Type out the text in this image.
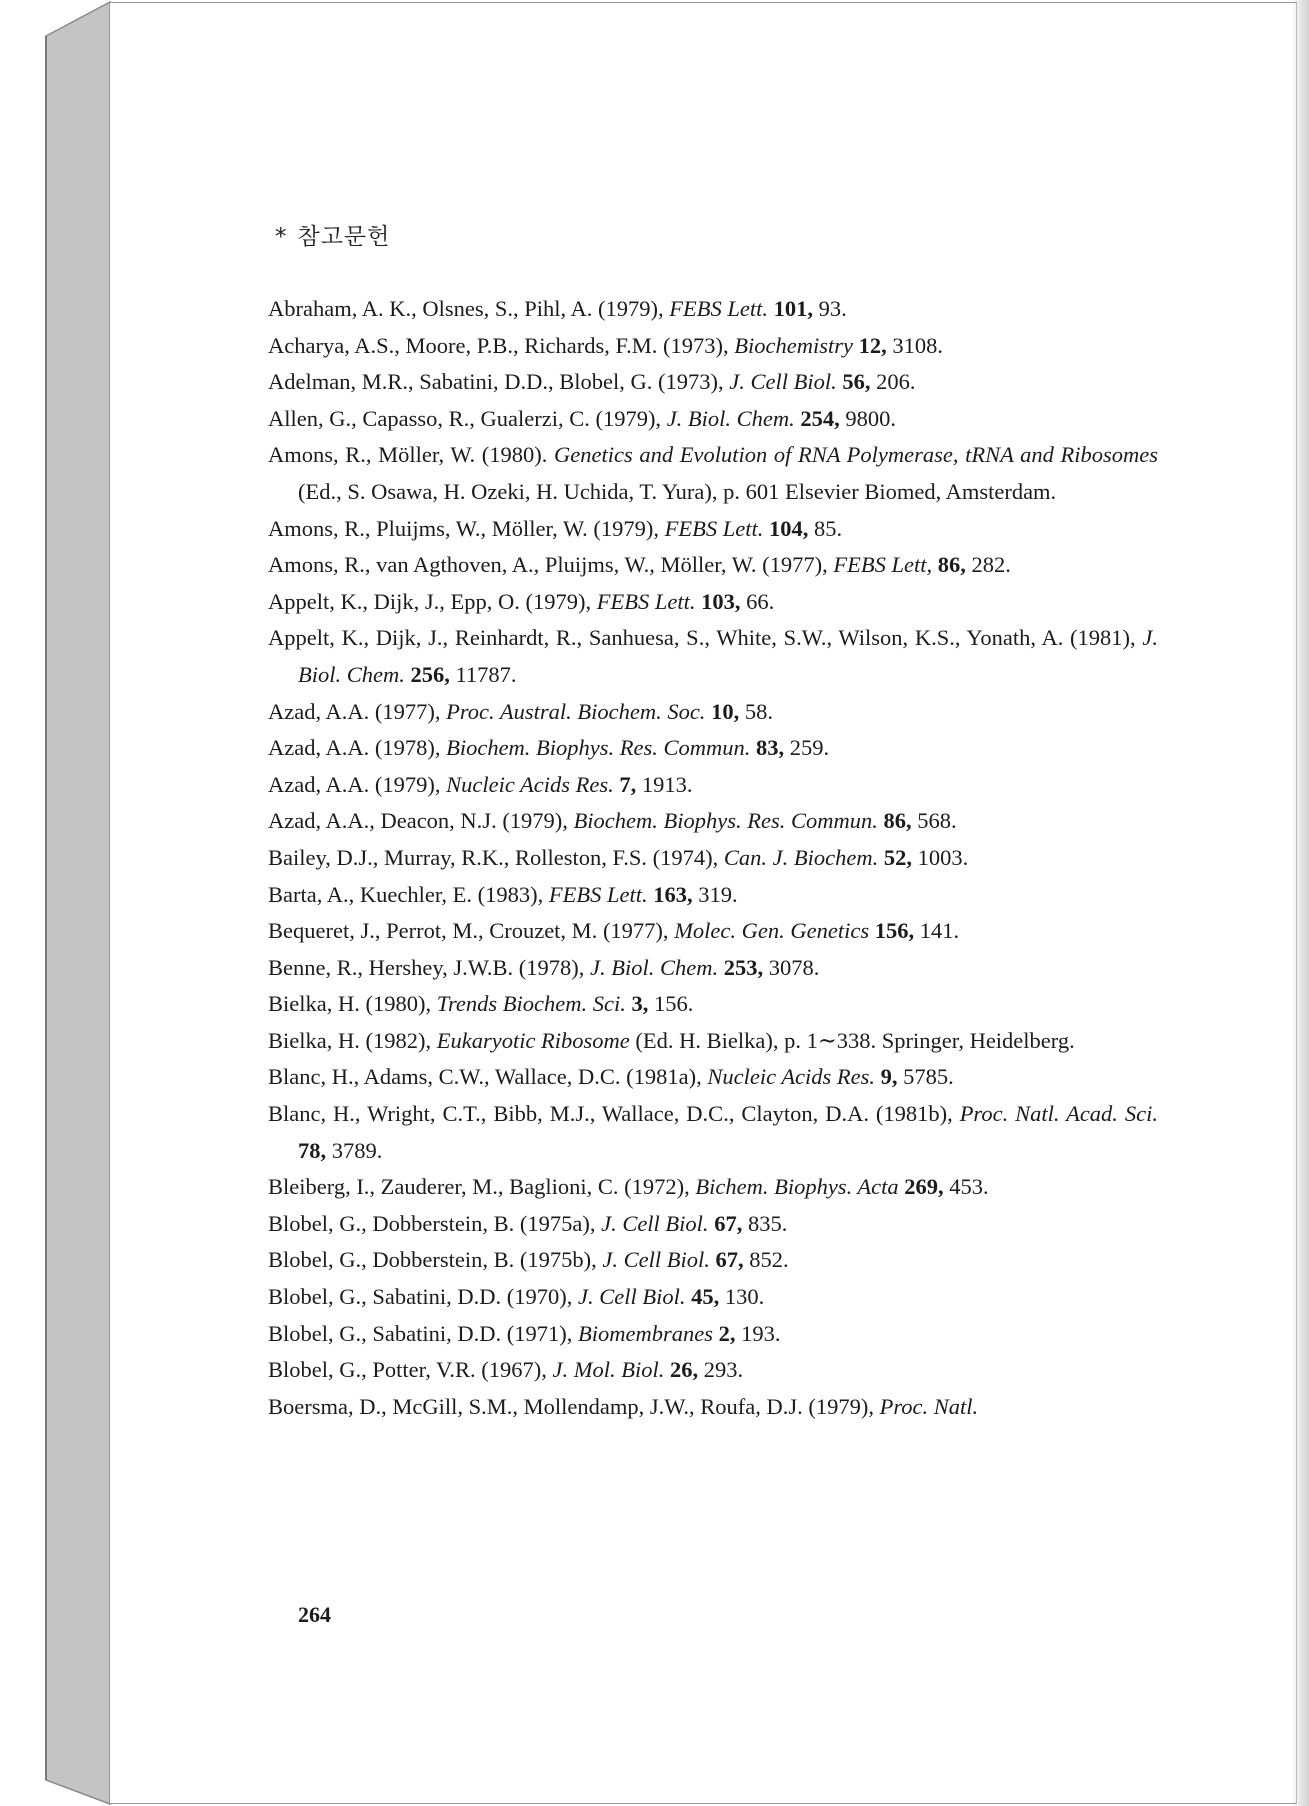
* 참고문헌
Abraham, A. K., Olsnes, S., Pihl, A. (1979), FEBS Lett. 101, 93.
Acharya, A.S., Moore, P.B., Richards, F.M. (1973), Biochemistry 12, 3108.
Adelman, M.R., Sabatini, D.D., Blobel, G. (1973), J. Cell Biol. 56, 206.
Allen, G., Capasso, R., Gualerzi, C. (1979), J. Biol. Chem. 254, 9800.
Amons, R., Möller, W. (1980). Genetics and Evolution of RNA Polymerase, tRNA and Ribosomes (Ed., S. Osawa, H. Ozeki, H. Uchida, T. Yura), p. 601 Elsevier Biomed, Amsterdam.
Amons, R., Pluijms, W., Möller, W. (1979), FEBS Lett. 104, 85.
Amons, R., van Agthoven, A., Pluijms, W., Möller, W. (1977), FEBS Lett, 86, 282.
Appelt, K., Dijk, J., Epp, O. (1979), FEBS Lett. 103, 66.
Appelt, K., Dijk, J., Reinhardt, R., Sanhuesa, S., White, S.W., Wilson, K.S., Yonath, A. (1981), J. Biol. Chem. 256, 11787.
Azad, A.A. (1977), Proc. Austral. Biochem. Soc. 10, 58.
Azad, A.A. (1978), Biochem. Biophys. Res. Commun. 83, 259.
Azad, A.A. (1979), Nucleic Acids Res. 7, 1913.
Azad, A.A., Deacon, N.J. (1979), Biochem. Biophys. Res. Commun. 86, 568.
Bailey, D.J., Murray, R.K., Rolleston, F.S. (1974), Can. J. Biochem. 52, 1003.
Barta, A., Kuechler, E. (1983), FEBS Lett. 163, 319.
Bequeret, J., Perrot, M., Crouzet, M. (1977), Molec. Gen. Genetics 156, 141.
Benne, R., Hershey, J.W.B. (1978), J. Biol. Chem. 253, 3078.
Bielka, H. (1980), Trends Biochem. Sci. 3, 156.
Bielka, H. (1982), Eukaryotic Ribosome (Ed. H. Bielka), p. 1∼338. Springer, Heidelberg.
Blanc, H., Adams, C.W., Wallace, D.C. (1981a), Nucleic Acids Res. 9, 5785.
Blanc, H., Wright, C.T., Bibb, M.J., Wallace, D.C., Clayton, D.A. (1981b), Proc. Natl. Acad. Sci. 78, 3789.
Bleiberg, I., Zauderer, M., Baglioni, C. (1972), Bichem. Biophys. Acta 269, 453.
Blobel, G., Dobberstein, B. (1975a), J. Cell Biol. 67, 835.
Blobel, G., Dobberstein, B. (1975b), J. Cell Biol. 67, 852.
Blobel, G., Sabatini, D.D. (1970), J. Cell Biol. 45, 130.
Blobel, G., Sabatini, D.D. (1971), Biomembranes 2, 193.
Blobel, G., Potter, V.R. (1967), J. Mol. Biol. 26, 293.
Boersma, D., McGill, S.M., Mollendamp, J.W., Roufa, D.J. (1979), Proc. Natl.
264
